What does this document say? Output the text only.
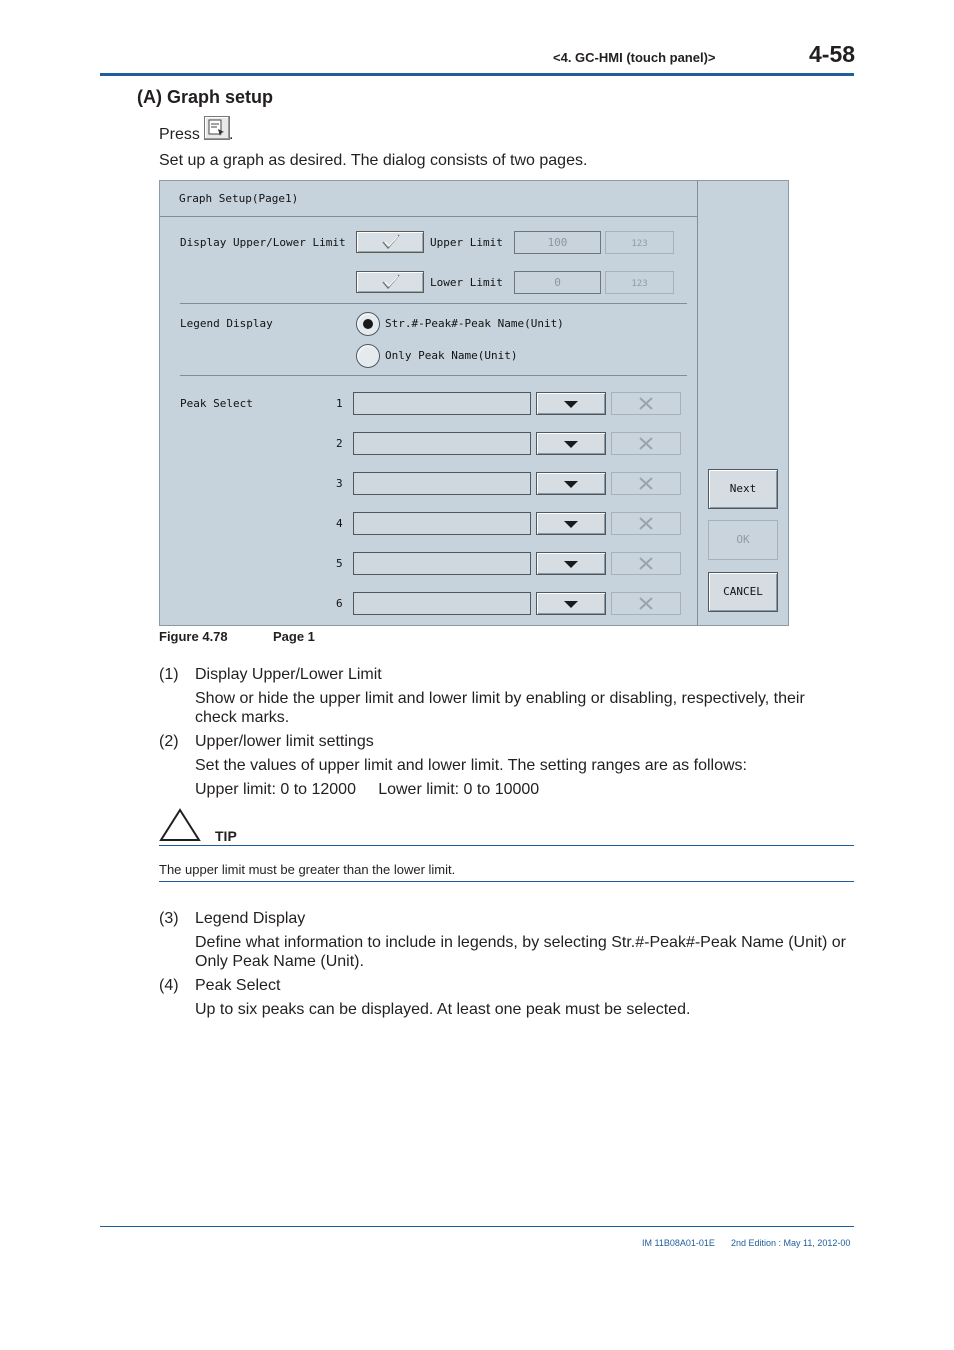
<4. GC-HMI (touch panel)>	4-58
(A) Graph setup
Press .
Set up a graph as desired. The dialog consists of two pages.
Graph Setup(Page1)
Display Upper/Lower Limit	Upper Limit	100	123
Lower Limit	0	123
Legend Display	Str.#-Peak#-Peak Name(Unit)
Only Peak Name(Unit)
Peak Select	1
2
3
4
5
6
Next
OK
CANCEL
Figure 4.78	Page 1
(1) Display Upper/Lower Limit
Show or hide the upper limit and lower limit by enabling or disabling, respectively, their check marks.
(2) Upper/lower limit settings
Set the values of upper limit and lower limit. The setting ranges are as follows:
Upper limit: 0 to 12000     Lower limit: 0 to 10000
TIP
The upper limit must be greater than the lower limit.
(3) Legend Display
Define what information to include in legends, by selecting Str.#-Peak#-Peak Name (Unit) or Only Peak Name (Unit).
(4) Peak Select
Up to six peaks can be displayed. At least one peak must be selected.
IM 11B08A01-01E 2nd Edition : May 11, 2012-00
